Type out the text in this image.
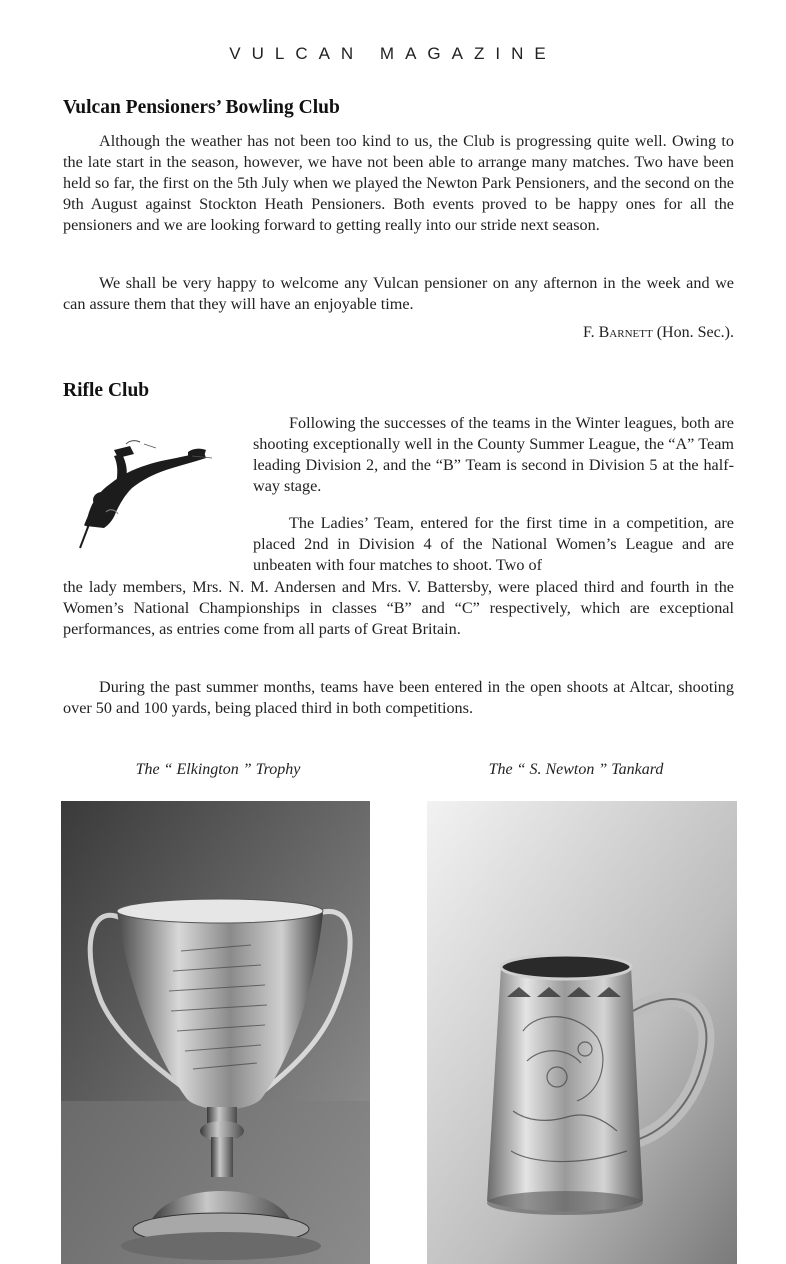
VULCAN MAGAZINE
Vulcan Pensioners’ Bowling Club

Although the weather has not been too kind to us, the Club is progressing quite well. Owing to the late start in the season, however, we have not been able to arrange many matches. Two have been held so far, the first on the 5th July when we played the Newton Park Pensioners, and the second on the 9th August against Stockton Heath Pensioners. Both events proved to be happy ones for all the pensioners and we are looking forward to getting really into our stride next season.

We shall be very happy to welcome any Vulcan pensioner on any afternon in the week and we can assure them that they will have an enjoyable time.

F. Barnett (Hon. Sec.).
Rifle Club

Following the successes of the teams in the Winter leagues, both are shooting exceptionally well in the County Summer League, the “A” Team leading Division 2, and the “B” Team is second in Division 5 at the half-way stage.

The Ladies’ Team, entered for the first time in a competition, are placed 2nd in Division 4 of the National Women’s League and are unbeaten with four matches to shoot. Two of

the lady members, Mrs. N. M. Andersen and Mrs. V. Battersby, were placed third and fourth in the Women’s National Championships in classes “B” and “C” respectively, which are exceptional performances, as entries come from all parts of Great Britain.

During the past summer months, teams have been entered in the open shoots at Altcar, shooting over 50 and 100 yards, being placed third in both competitions.

The “ Elkington ” Trophy	The “ S. Newton ” Tankard
